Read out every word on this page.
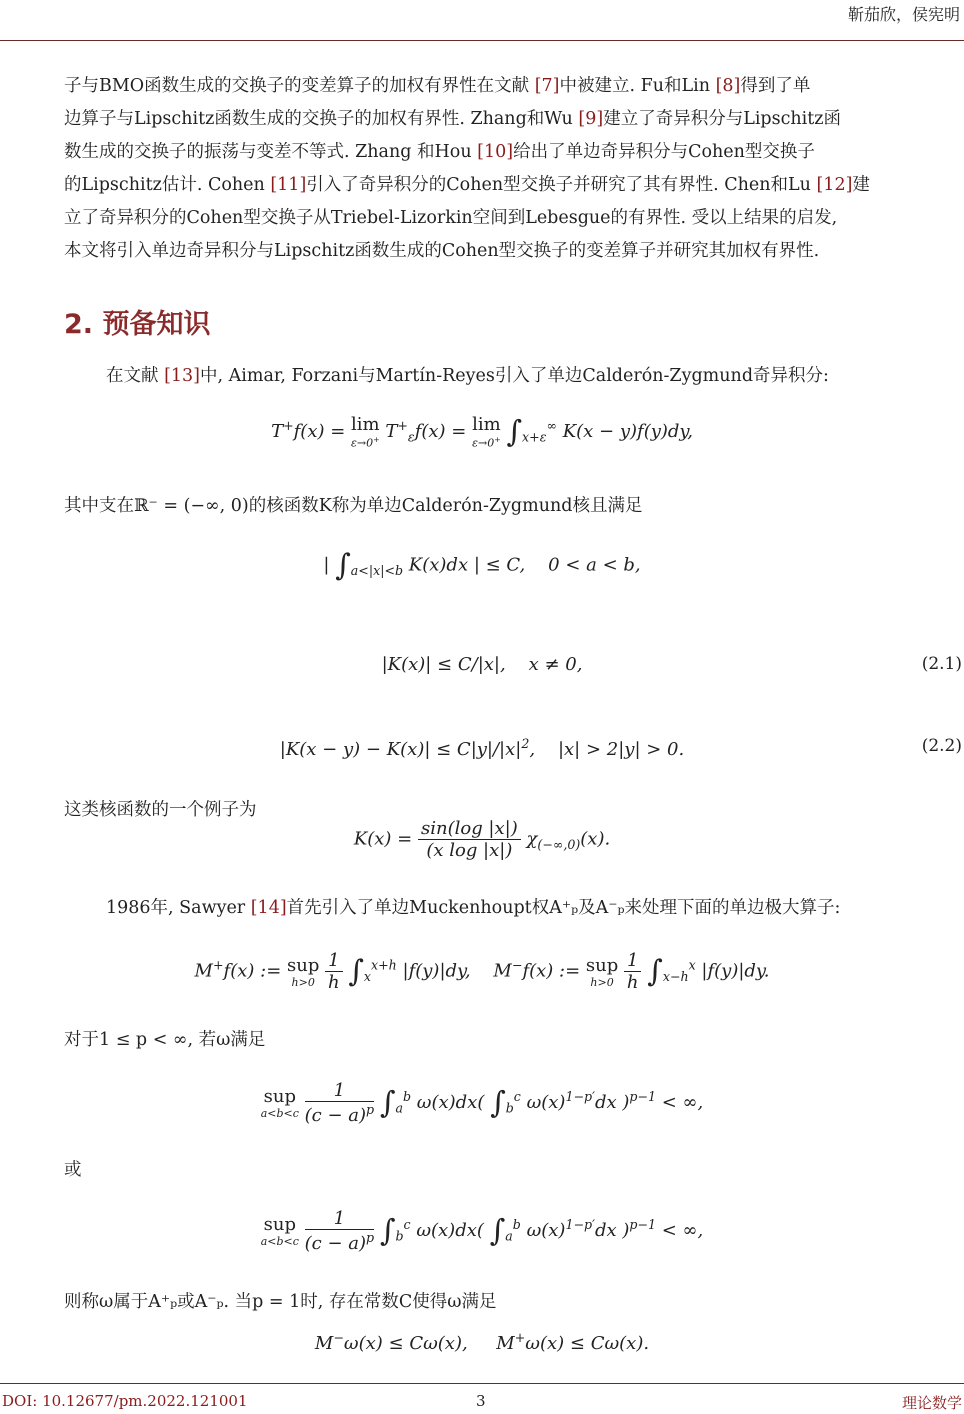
靳茄欣，侯宪明
子与BMO函数生成的交换子的变差算子的加权有界性在文献 [7]中被建立. Fu和Lin [8]得到了单
边算子与Lipschitz函数生成的交换子的加权有界性. Zhang和Wu [9]建立了奇异积分与Lipschitz函
数生成的交换子的振荡与变差不等式. Zhang 和Hou [10]给出了单边奇异积分与Cohen型交换子
的Lipschitz估计. Cohen [11]引入了奇异积分的Cohen型交换子并研究了其有界性. Chen和Lu [12]建
立了奇异积分的Cohen型交换子从Triebel-Lizorkin空间到Lebesgue的有界性. 受以上结果的启发,
本文将引入单边奇异积分与Lipschitz函数生成的Cohen型交换子的变差算子并研究其加权有界性.
2. 预备知识
在文献 [13]中, Aimar, Forzani与Martín-Reyes引入了单边Calderón-Zygmund奇异积分:
T+f(x) = lim
ε→0+ $T^+_\varepsilon f(x) = \lim$
ε→0+ $\int_{x+\varepsilon}^\infty$ K(x − y)f(y)dy,
其中支在ℝ⁻ = (−∞, 0)的核函数K称为单边Calderón-Zygmund核且满足
| $\int_{a<|x|<b}$ K(x)dx | ≤ C,    0 < a < b,
|K(x)| ≤ C/|x|,    x ≠ 0,	(2.1)
$|K(x - y) - K(x)| \le C|y|/|x|^2$,    |x| > 2|y| > 0.	(2.2)
这类核函数的一个例子为
$K(x) = \frac{\sin(\log |x|)}{\text{(x log |x|)}} \chi_{(-\infty,0)}(x)$.
1986年, Sawyer [14]首先引入了单边Muckenhoupt权A⁺ₚ及A⁻ₚ来处理下面的单边极大算子:
M+f(x) := sup
h>0
$\frac{1}{h} \int_x^{x+h}$ |f(y)|dy,    M−f(x) := sup
h>0
$\frac{1}{h} \int_{x-h}^x$ |f(y)|dy.
对于1 ≤ p < ∞, 若ω满足
sup
a<b<c
$\frac{1}{(c - a)^p} \int_a^b$ ω(x)dx( $\int_b^c$ $\omega(x)^{1-p'}dx$ )$^{p-1}$ < ∞,
或
sup
a<b<c
$\frac{1}{(c - a)^p} \int_b^c$ ω(x)dx( $\int_a^b$ $\omega(x)^{1-p'}dx$ )$^{p-1}$ < ∞,
则称ω属于A⁺ₚ或A⁻ₚ. 当p = 1时, 存在常数C使得ω满足
M−ω(x) ≤ Cω(x),     M+ω(x) ≤ Cω(x).
DOI: 10.12677/pm.2022.121001	3	理论数学
